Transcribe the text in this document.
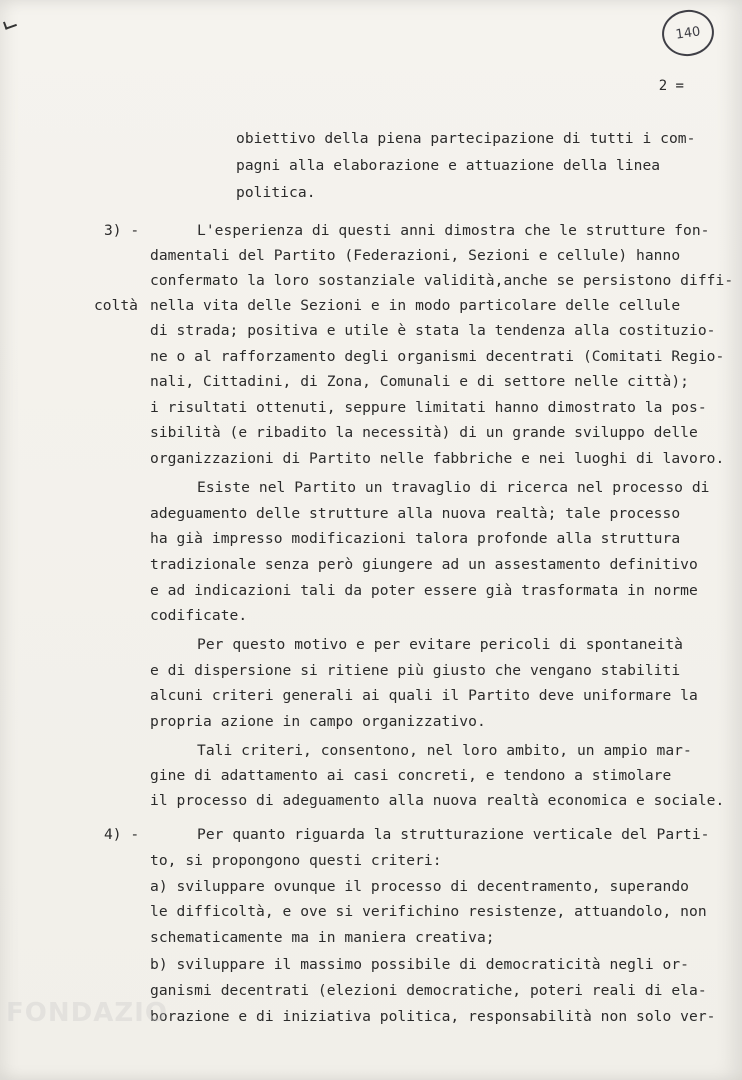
140
2 =
3) -
4) -
coltà
obiettivo della piena partecipazione di tutti i com-
pagni alla elaborazione e attuazione della linea
politica.
L'esperienza di questi anni dimostra che le strutture fon-
damentali del Partito (Federazioni, Sezioni e cellule) hanno
confermato la loro sostanziale validità,anche se persistono diffi-
nella vita delle Sezioni e in modo particolare delle cellule
di strada; positiva e utile è stata la tendenza alla costituzio-
ne o al rafforzamento degli organismi decentrati (Comitati Regio-
nali, Cittadini, di Zona, Comunali e di settore nelle città);
i risultati ottenuti, seppure limitati hanno dimostrato la pos-
sibilità (e ribadito la necessità) di un grande sviluppo delle
organizzazioni di Partito nelle fabbriche e nei luoghi di lavoro.
Esiste nel Partito un travaglio di ricerca nel processo di
adeguamento delle strutture alla nuova realtà; tale processo
ha già impresso modificazioni talora profonde alla struttura
tradizionale senza però giungere ad un assestamento definitivo
e ad indicazioni tali da poter essere già trasformata in norme
codificate.
Per questo motivo e per evitare pericoli di spontaneità
e di dispersione si ritiene più giusto che vengano stabiliti
alcuni criteri generali ai quali il Partito deve uniformare la
propria azione in campo organizzativo.
Tali criteri, consentono, nel loro ambito, un ampio mar-
gine di adattamento ai casi concreti, e tendono a stimolare
il processo di adeguamento alla nuova realtà economica e sociale.
Per quanto riguarda la strutturazione verticale del Parti-
to, si propongono questi criteri:
a) sviluppare ovunque il processo di decentramento, superando
le difficoltà, e ove si verifichino resistenze, attuandolo, non
schematicamente ma in maniera creativa;
b) sviluppare il massimo possibile di democraticità negli or-
ganismi decentrati (elezioni democratiche, poteri reali di ela-
borazione e di iniziativa politica, responsabilità non solo ver-
FONDAZIO
